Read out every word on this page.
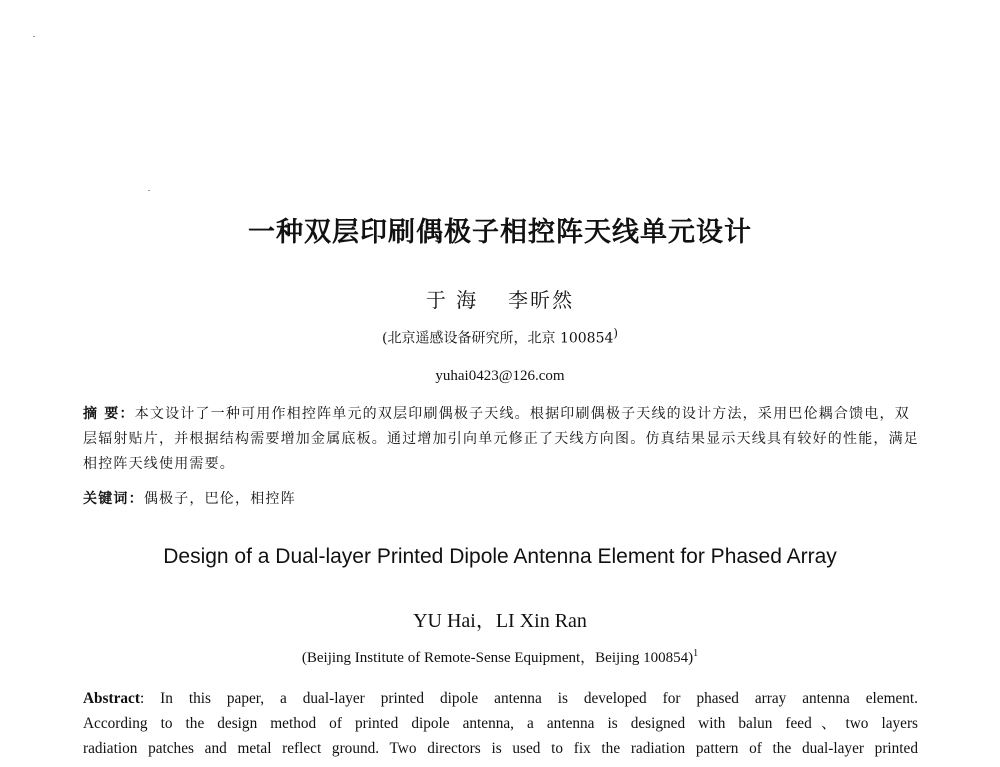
一种双层印刷偶极子相控阵天线单元设计
于 海 李昕然
(北京遥感设备研究所，北京 100854)
yuhai0423@126.com
摘 要：本文设计了一种可用作相控阵单元的双层印刷偶极子天线。根据印刷偶极子天线的设计方法，采用巴伦耦合馈电，双层辐射贴片，并根据结构需要增加金属底板。通过增加引向单元修正了天线方向图。仿真结果显示天线具有较好的性能，满足相控阵天线使用需要。
关键词：偶极子，巴伦，相控阵
Design of a Dual-layer Printed Dipole Antenna Element for Phased Array
YU Hai，LI Xin Ran
(Beijing Institute of Remote-Sense Equipment，Beijing 100854)$^1$
Abstract: In this paper, a dual-layer printed dipole antenna is developed for phased array antenna element.
According to the design method of printed dipole antenna, a antenna is designed with balun feed、two layers
radiation patches and metal reflect ground. Two directors is used to fix the radiation pattern of the dual-layer printed
